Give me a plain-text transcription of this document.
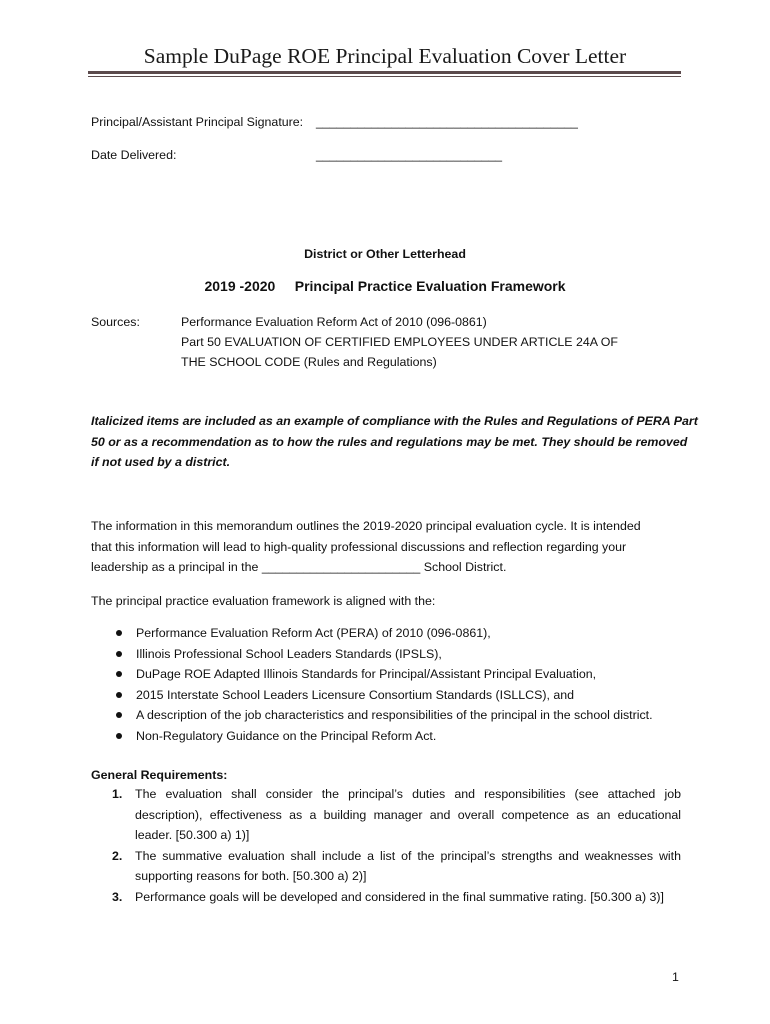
Sample DuPage ROE Principal Evaluation Cover Letter
Principal/Assistant Principal Signature: ______________________________________
Date Delivered:	___________________________
District or Other Letterhead
2019 -2020     Principal Practice Evaluation Framework
Sources:	Performance Evaluation Reform Act of 2010 (096-0861)
Part 50 EVALUATION OF CERTIFIED EMPLOYEES UNDER ARTICLE 24A OF
THE SCHOOL CODE (Rules and Regulations)
Italicized items are included as an example of compliance with the Rules and Regulations of PERA Part
50 or as a recommendation as to how the rules and regulations may be met. They should be removed
if not used by a district.
The information in this memorandum outlines the 2019-2020 principal evaluation cycle. It is intended
that this information will lead to high-quality professional discussions and reflection regarding your
leadership as a principal in the _______________________ School District.
The principal practice evaluation framework is aligned with the:
Performance Evaluation Reform Act (PERA) of 2010 (096-0861),
Illinois Professional School Leaders Standards (IPSLS),
DuPage ROE Adapted Illinois Standards for Principal/Assistant Principal Evaluation,
2015 Interstate School Leaders Licensure Consortium Standards (ISLLCS), and
A description of the job characteristics and responsibilities of the principal in the school district.
Non-Regulatory Guidance on the Principal Reform Act.
General Requirements:
1. The evaluation shall consider the principal’s duties and responsibilities (see attached job
description), effectiveness as a building manager and overall competence as an educational
leader. [50.300 a) 1)]
2. The summative evaluation shall include a list of the principal’s strengths and weaknesses with
supporting reasons for both. [50.300 a) 2)]
3. Performance goals will be developed and considered in the final summative rating. [50.300 a) 3)]
1
